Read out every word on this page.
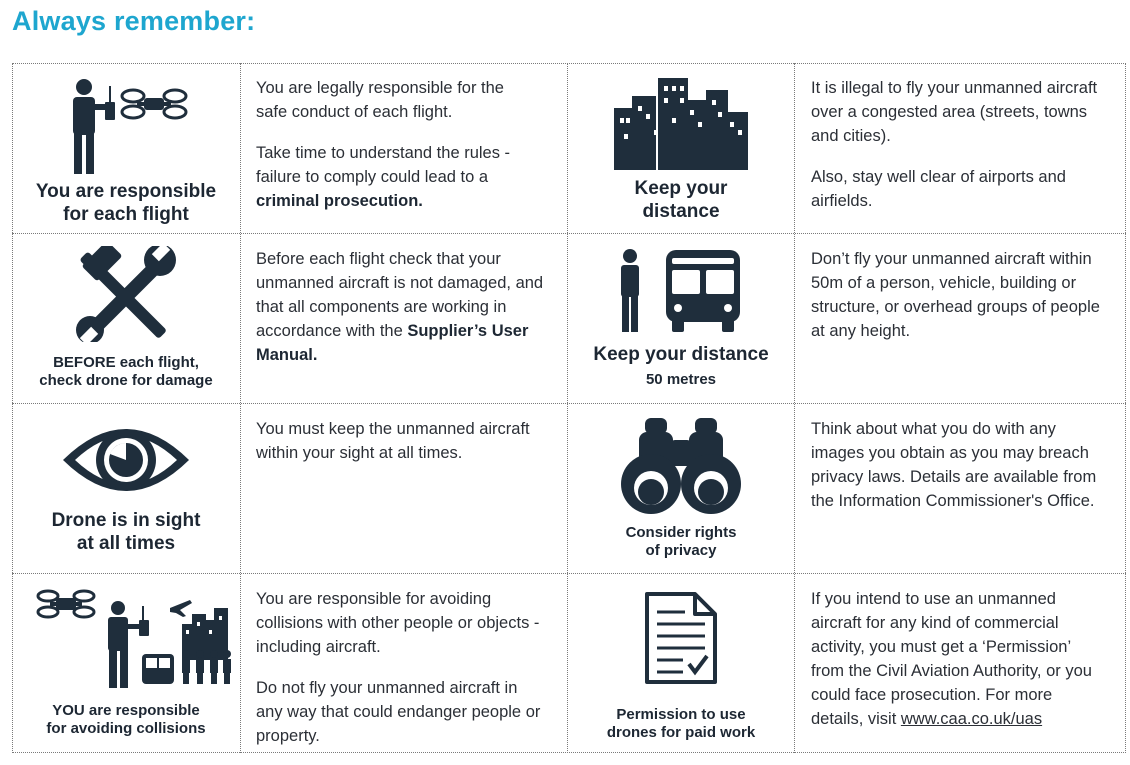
Always remember:
You are responsible
for each flight

You are legally responsible for the safe conduct of each flight.

Take time to understand the rules - failure to comply could lead to a criminal prosecution.

Keep your
distance

It is illegal to fly your unmanned aircraft over a congested area (streets, towns and cities).

Also, stay well clear of airports and airfields.

BEFORE each flight,
check drone for damage

Before each flight check that your unmanned aircraft is not damaged, and that all components are working in accordance with the Supplier’s User Manual.	Keep your distance
50 metres

Don’t fly your unmanned aircraft within 50m of a person, vehicle, building or structure, or overhead groups of people at any height.

Drone is in sight
at all times

You must keep the unmanned aircraft within your sight at all times.

Consider rights
of privacy

Think about what you do with any images you obtain as you may breach privacy laws. Details are available from the Information Commissioner's Office.

YOU are responsible
for avoiding collisions

You are responsible for avoiding collisions with other people or objects - including aircraft.

Do not fly your unmanned aircraft in any way that could endanger people or property.

Permission to use
drones for paid work

If you intend to use an unmanned aircraft for any kind of commercial activity, you must get a ‘Permission’ from the Civil Aviation Authority, or you could face prosecution. For more details, visit www.caa.co.uk/uas
